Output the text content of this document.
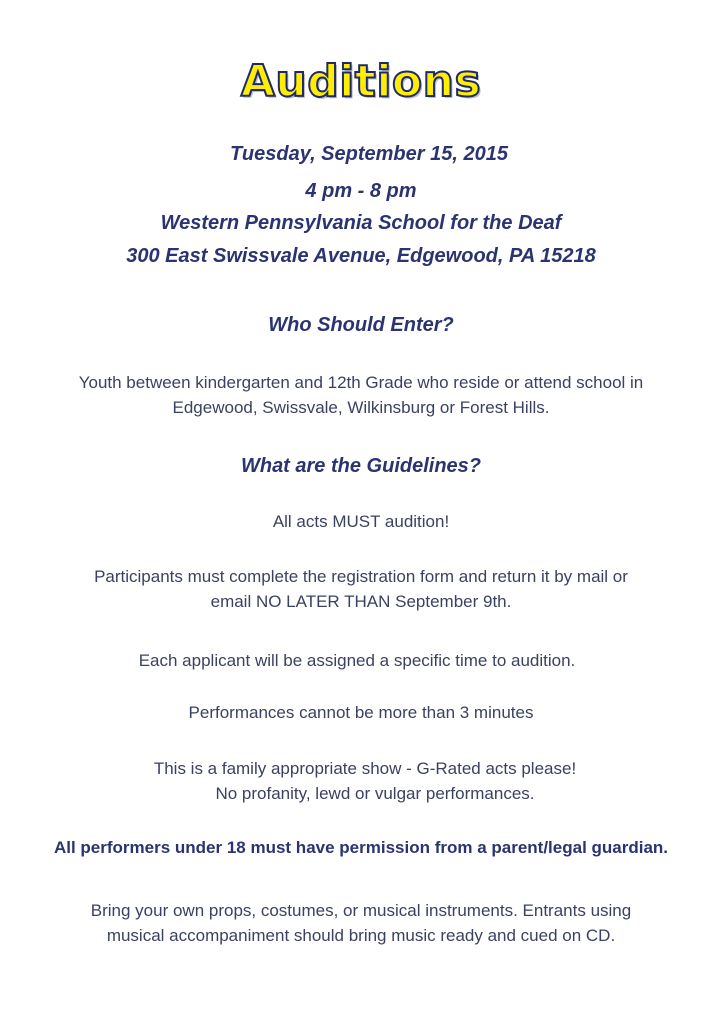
Auditions
Tuesday, September 15, 2015
4 pm - 8 pm
Western Pennsylvania School for the Deaf
300 East Swissvale Avenue, Edgewood, PA 15218
Who Should Enter?
Youth between kindergarten and 12th Grade who reside or attend school in
Edgewood, Swissvale, Wilkinsburg or Forest Hills.
What are the Guidelines?
All acts MUST audition!
Participants must complete the registration form and return it by mail or
email NO LATER THAN September 9th.
Each applicant will be assigned a specific time to audition.
Performances cannot be more than 3 minutes
This is a family appropriate show - G-Rated acts please!
No profanity, lewd or vulgar performances.
All performers under 18 must have permission from a parent/legal guardian.
Bring your own props, costumes, or musical instruments. Entrants using
musical accompaniment should bring music ready and cued on CD.
